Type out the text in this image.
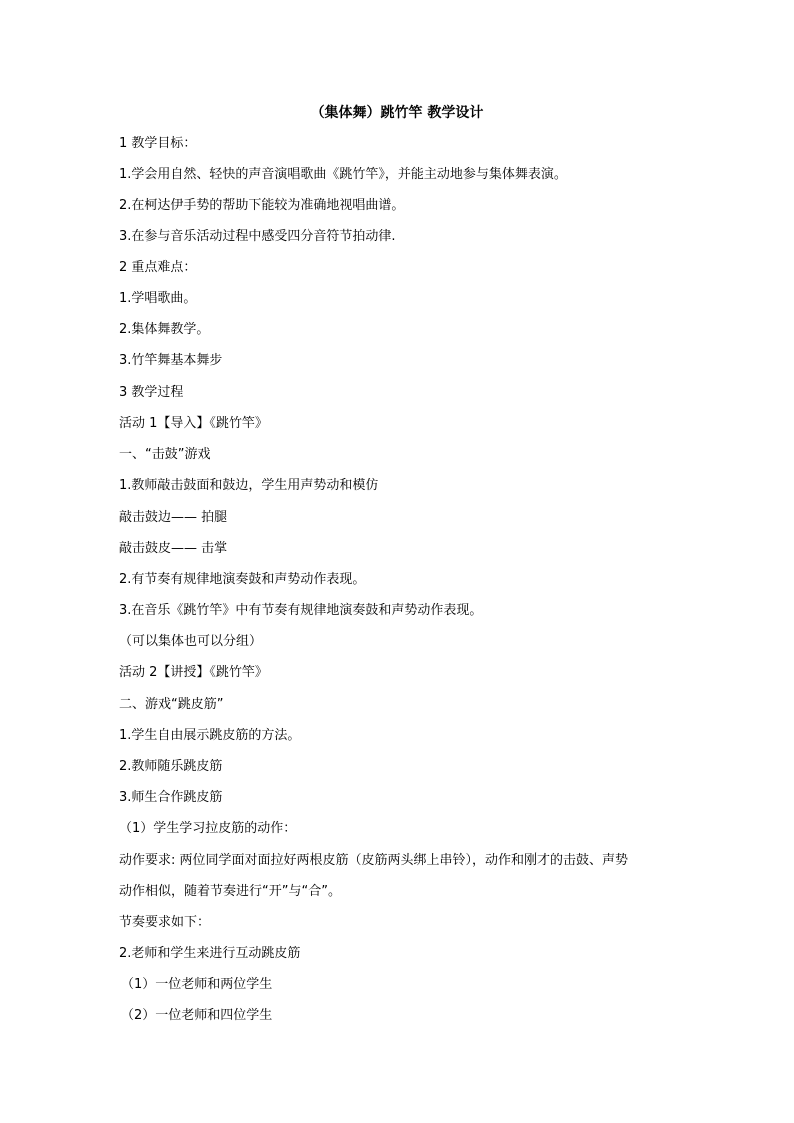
（集体舞）跳竹竿 教学设计
1 教学目标：
1.学会用自然、轻快的声音演唱歌曲《跳竹竿》，并能主动地参与集体舞表演。
2.在柯达伊手势的帮助下能较为准确地视唱曲谱。
3.在参与音乐活动过程中感受四分音符节拍动律.
2 重点难点：
1.学唱歌曲。
2.集体舞教学。
3.竹竿舞基本舞步
3 教学过程
活动 1【导入】《跳竹竿》
一、“击鼓”游戏
1.教师敲击鼓面和鼓边，学生用声势动和模仿
敲击鼓边—— 拍腿
敲击鼓皮—— 击掌
2.有节奏有规律地演奏鼓和声势动作表现。
3.在音乐《跳竹竿》中有节奏有规律地演奏鼓和声势动作表现。
（可以集体也可以分组）
活动 2【讲授】《跳竹竿》
二、游戏“跳皮筋”
1.学生自由展示跳皮筋的方法。
2.教师随乐跳皮筋
3.师生合作跳皮筋
（1）学生学习拉皮筋的动作：
动作要求: 两位同学面对面拉好两根皮筋（皮筋两头绑上串铃），动作和刚才的击鼓、声势
动作相似，随着节奏进行“开”与“合”。
节奏要求如下：
2.老师和学生来进行互动跳皮筋
（1）一位老师和两位学生
（2）一位老师和四位学生
